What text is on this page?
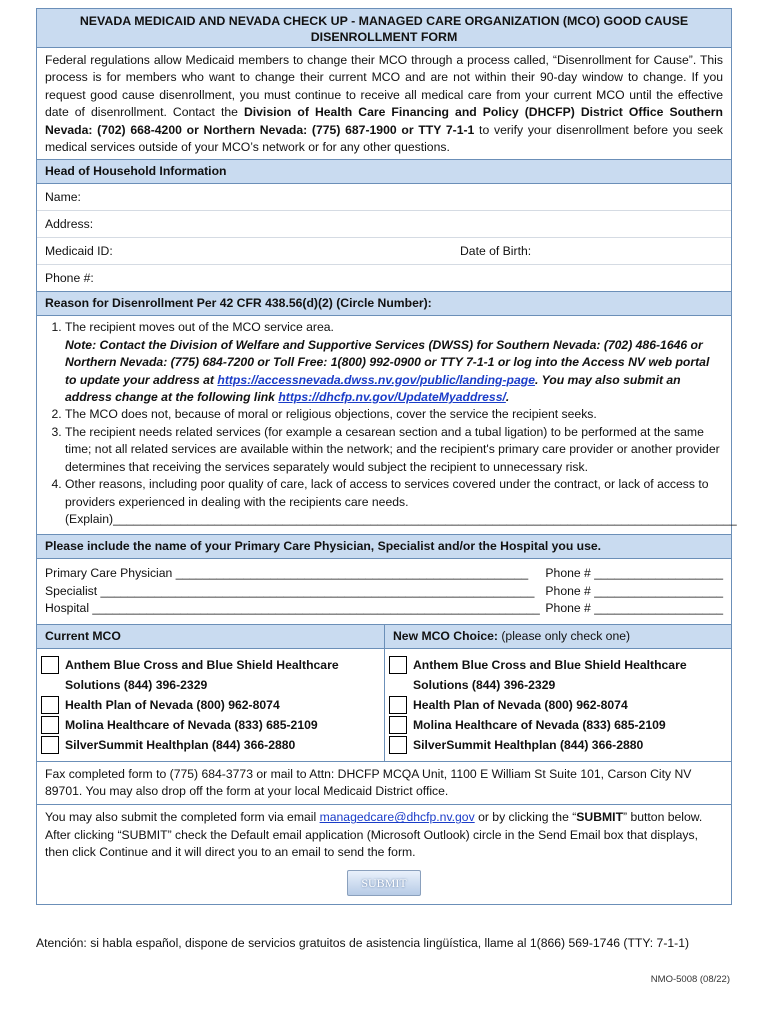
NEVADA MEDICAID AND NEVADA CHECK UP - MANAGED CARE ORGANIZATION (MCO) GOOD CAUSE
DISENROLLMENT FORM
Federal regulations allow Medicaid members to change their MCO through a process called, “Disenrollment for Cause”. This process is for members who want to change their current MCO and are not within their 90-day window to change. If you request good cause disenrollment, you must continue to receive all medical care from your current MCO until the effective date of disenrollment. Contact the Division of Health Care Financing and Policy (DHCFP) District Office Southern Nevada: (702) 668-4200 or Northern Nevada: (775) 687-1900 or TTY 7-1-1 to verify your disenrollment before you seek medical services outside of your MCO’s network or for any other questions.
Head of Household Information
Name:
Address:
Medicaid ID:	Date of Birth:
Phone #:
Reason for Disenrollment Per 42 CFR 438.56(d)(2) (Circle Number):
1. The recipient moves out of the MCO service area.
Note: Contact the Division of Welfare and Supportive Services (DWSS) for Southern Nevada: (702) 486-1646 or Northern Nevada: (775) 684-7200 or Toll Free: 1(800) 992-0900 or TTY 7-1-1 or log into the Access NV web portal to update your address at https://accessnevada.dwss.nv.gov/public/landing-page. You may also submit an address change at the following link https://dhcfp.nv.gov/UpdateMyaddress/.
2. The MCO does not, because of moral or religious objections, cover the service the recipient seeks.
3. The recipient needs related services (for example a cesarean section and a tubal ligation) to be performed at the same time; not all related services are available within the network; and the recipient's primary care provider or another provider determines that receiving the services separately would subject the recipient to unnecessary risk.
4. Other reasons, including poor quality of care, lack of access to services covered under the contract, or lack of access to providers experienced in dealing with the recipients care needs.
(Explain)____________________________________________________________________________________________
Please include the name of your Primary Care Physician, Specialist and/or the Hospital you use.
Primary Care Physician ____________________________________________________ Phone # ___________________
Specialist ________________________________________________________________ Phone # ___________________
Hospital __________________________________________________________________ Phone # ___________________
Current MCO
Anthem Blue Cross and Blue Shield Healthcare Solutions (844) 396-2329
Health Plan of Nevada (800) 962-8074
Molina Healthcare of Nevada (833) 685-2109
SilverSummit Healthplan (844) 366-2880
New MCO Choice: (please only check one)
Anthem Blue Cross and Blue Shield Healthcare Solutions (844) 396-2329
Health Plan of Nevada (800) 962-8074
Molina Healthcare of Nevada (833) 685-2109
SilverSummit Healthplan (844) 366-2880
Fax completed form to (775) 684-3773 or mail to Attn: DHCFP MCQA Unit, 1100 E William St Suite 101, Carson City NV 89701. You may also drop off the form at your local Medicaid District office.
You may also submit the completed form via email managedcare@dhcfp.nv.gov or by clicking the “SUBMIT” button below. After clicking “SUBMIT” check the Default email application (Microsoft Outlook) circle in the Send Email box that displays, then click Continue and it will direct you to an email to send the form.
SUBMIT
Atención: si habla español, dispone de servicios gratuitos de asistencia lingüística, llame al 1(866) 569-1746 (TTY: 7-1-1)
NMO-5008 (08/22)
